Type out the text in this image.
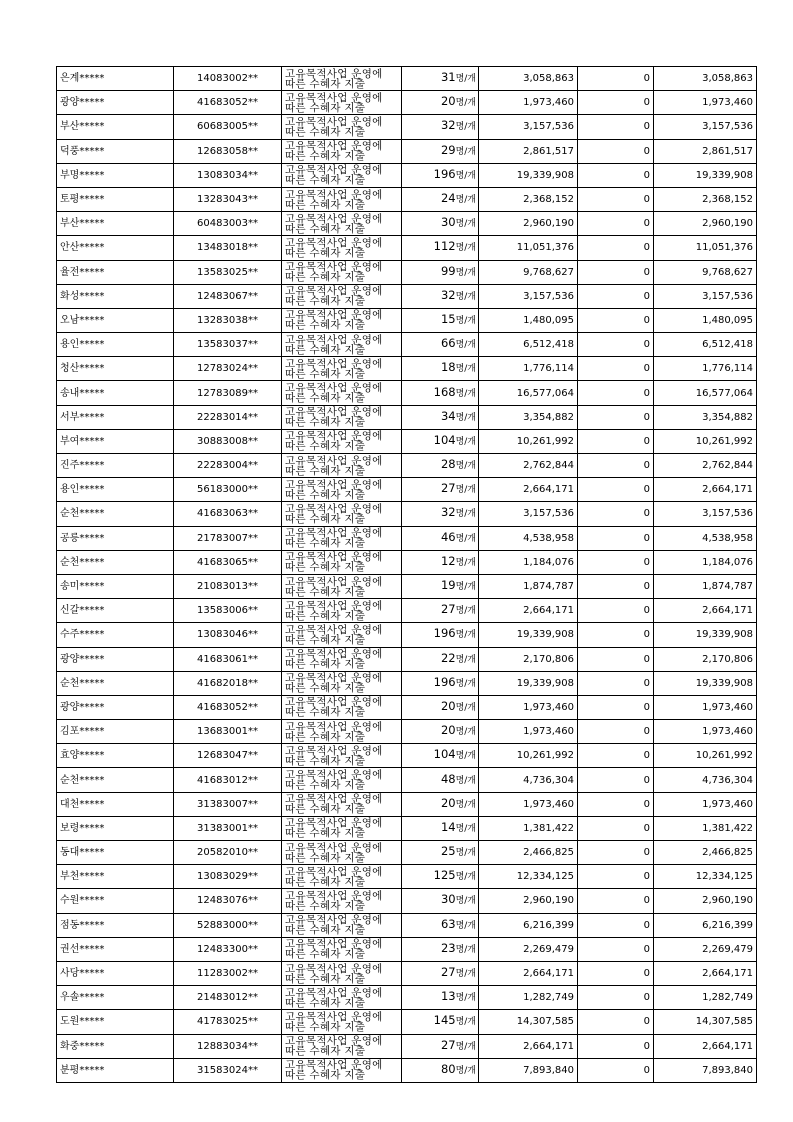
은계*****	14083002**	고유목적사업 운영에
따른 수혜자 지출	31명/개	3,058,863	0	3,058,863
광양*****	41683052**	고유목적사업 운영에
따른 수혜자 지출	20명/개	1,973,460	0	1,973,460
부산*****	60683005**	고유목적사업 운영에
따른 수혜자 지출	32명/개	3,157,536	0	3,157,536
덕풍*****	12683058**	고유목적사업 운영에
따른 수혜자 지출	29명/개	2,861,517	0	2,861,517
부명*****	13083034**	고유목적사업 운영에
따른 수혜자 지출	196명/개	19,339,908	0	19,339,908
토평*****	13283043**	고유목적사업 운영에
따른 수혜자 지출	24명/개	2,368,152	0	2,368,152
부산*****	60483003**	고유목적사업 운영에
따른 수혜자 지출	30명/개	2,960,190	0	2,960,190
안산*****	13483018**	고유목적사업 운영에
따른 수혜자 지출	112명/개	11,051,376	0	11,051,376
율전*****	13583025**	고유목적사업 운영에
따른 수혜자 지출	99명/개	9,768,627	0	9,768,627
화성*****	12483067**	고유목적사업 운영에
따른 수혜자 지출	32명/개	3,157,536	0	3,157,536
오남*****	13283038**	고유목적사업 운영에
따른 수혜자 지출	15명/개	1,480,095	0	1,480,095
용인*****	13583037**	고유목적사업 운영에
따른 수혜자 지출	66명/개	6,512,418	0	6,512,418
청산*****	12783024**	고유목적사업 운영에
따른 수혜자 지출	18명/개	1,776,114	0	1,776,114
송내*****	12783089**	고유목적사업 운영에
따른 수혜자 지출	168명/개	16,577,064	0	16,577,064
서부*****	22283014**	고유목적사업 운영에
따른 수혜자 지출	34명/개	3,354,882	0	3,354,882
부여*****	30883008**	고유목적사업 운영에
따른 수혜자 지출	104명/개	10,261,992	0	10,261,992
진주*****	22283004**	고유목적사업 운영에
따른 수혜자 지출	28명/개	2,762,844	0	2,762,844
용인*****	56183000**	고유목적사업 운영에
따른 수혜자 지출	27명/개	2,664,171	0	2,664,171
순천*****	41683063**	고유목적사업 운영에
따른 수혜자 지출	32명/개	3,157,536	0	3,157,536
공릉*****	21783007**	고유목적사업 운영에
따른 수혜자 지출	46명/개	4,538,958	0	4,538,958
순천*****	41683065**	고유목적사업 운영에
따른 수혜자 지출	12명/개	1,184,076	0	1,184,076
송미*****	21083013**	고유목적사업 운영에
따른 수혜자 지출	19명/개	1,874,787	0	1,874,787
신갈*****	13583006**	고유목적사업 운영에
따른 수혜자 지출	27명/개	2,664,171	0	2,664,171
수주*****	13083046**	고유목적사업 운영에
따른 수혜자 지출	196명/개	19,339,908	0	19,339,908
광양*****	41683061**	고유목적사업 운영에
따른 수혜자 지출	22명/개	2,170,806	0	2,170,806
순천*****	41682018**	고유목적사업 운영에
따른 수혜자 지출	196명/개	19,339,908	0	19,339,908
광양*****	41683052**	고유목적사업 운영에
따른 수혜자 지출	20명/개	1,973,460	0	1,973,460
김포*****	13683001**	고유목적사업 운영에
따른 수혜자 지출	20명/개	1,973,460	0	1,973,460
효양*****	12683047**	고유목적사업 운영에
따른 수혜자 지출	104명/개	10,261,992	0	10,261,992
순천*****	41683012**	고유목적사업 운영에
따른 수혜자 지출	48명/개	4,736,304	0	4,736,304
대천*****	31383007**	고유목적사업 운영에
따른 수혜자 지출	20명/개	1,973,460	0	1,973,460
보령*****	31383001**	고유목적사업 운영에
따른 수혜자 지출	14명/개	1,381,422	0	1,381,422
동대*****	20582010**	고유목적사업 운영에
따른 수혜자 지출	25명/개	2,466,825	0	2,466,825
부천*****	13083029**	고유목적사업 운영에
따른 수혜자 지출	125명/개	12,334,125	0	12,334,125
수원*****	12483076**	고유목적사업 운영에
따른 수혜자 지출	30명/개	2,960,190	0	2,960,190
점동*****	52883000**	고유목적사업 운영에
따른 수혜자 지출	63명/개	6,216,399	0	6,216,399
권선*****	12483300**	고유목적사업 운영에
따른 수혜자 지출	23명/개	2,269,479	0	2,269,479
사당*****	11283002**	고유목적사업 운영에
따른 수혜자 지출	27명/개	2,664,171	0	2,664,171
우솔*****	21483012**	고유목적사업 운영에
따른 수혜자 지출	13명/개	1,282,749	0	1,282,749
도원*****	41783025**	고유목적사업 운영에
따른 수혜자 지출	145명/개	14,307,585	0	14,307,585
화중*****	12883034**	고유목적사업 운영에
따른 수혜자 지출	27명/개	2,664,171	0	2,664,171
분평*****	31583024**	고유목적사업 운영에
따른 수혜자 지출	80명/개	7,893,840	0	7,893,840
